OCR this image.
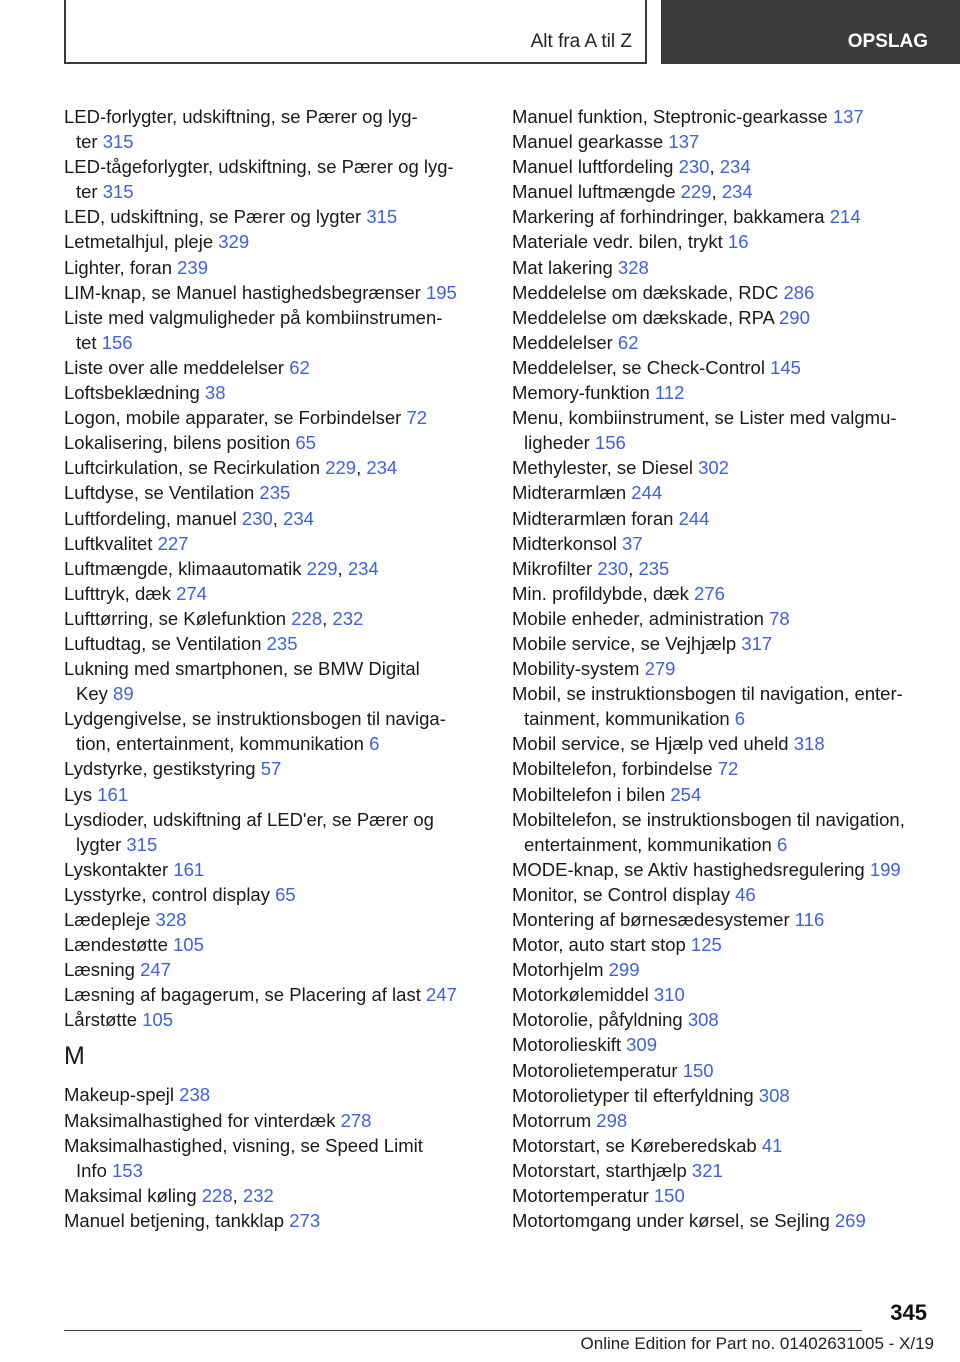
Alt fra A til Z	OPSLAG
LED-forlygter, udskiftning, se Pærer og lyg-
ter 315
LED-tågeforlygter, udskiftning, se Pærer og lyg-
ter 315
LED, udskiftning, se Pærer og lygter 315
Letmetalhjul, pleje 329
Lighter, foran 239
LIM-knap, se Manuel hastighedsbegrænser 195
Liste med valgmuligheder på kombiinstrumen-
tet 156
Liste over alle meddelelser 62
Loftsbeklædning 38
Logon, mobile apparater, se Forbindelser 72
Lokalisering, bilens position 65
Luftcirkulation, se Recirkulation 229, 234
Luftdyse, se Ventilation 235
Luftfordeling, manuel 230, 234
Luftkvalitet 227
Luftmængde, klimaautomatik 229, 234
Lufttryk, dæk 274
Lufttørring, se Kølefunktion 228, 232
Luftudtag, se Ventilation 235
Lukning med smartphonen, se BMW Digital
Key 89
Lydgengivelse, se instruktionsbogen til naviga-
tion, entertainment, kommunikation 6
Lydstyrke, gestikstyring 57
Lys 161
Lysdioder, udskiftning af LED'er, se Pærer og
lygter 315
Lyskontakter 161
Lysstyrke, control display 65
Lædepleje 328
Lændestøtte 105
Læsning 247
Læsning af bagagerum, se Placering af last 247
Lårstøtte 105
M
Makeup-spejl 238
Maksimalhastighed for vinterdæk 278
Maksimalhastighed, visning, se Speed Limit
Info 153
Maksimal køling 228, 232
Manuel betjening, tankklap 273
Manuel funktion, Steptronic-gearkasse 137
Manuel gearkasse 137
Manuel luftfordeling 230, 234
Manuel luftmængde 229, 234
Markering af forhindringer, bakkamera 214
Materiale vedr. bilen, trykt 16
Mat lakering 328
Meddelelse om dækskade, RDC 286
Meddelelse om dækskade, RPA 290
Meddelelser 62
Meddelelser, se Check-Control 145
Memory-funktion 112
Menu, kombiinstrument, se Lister med valgmu-
ligheder 156
Methylester, se Diesel 302
Midterarmlæn 244
Midterarmlæn foran 244
Midterkonsol 37
Mikrofilter 230, 235
Min. profildybde, dæk 276
Mobile enheder, administration 78
Mobile service, se Vejhjælp 317
Mobility-system 279
Mobil, se instruktionsbogen til navigation, enter-
tainment, kommunikation 6
Mobil service, se Hjælp ved uheld 318
Mobiltelefon, forbindelse 72
Mobiltelefon i bilen 254
Mobiltelefon, se instruktionsbogen til navigation,
entertainment, kommunikation 6
MODE-knap, se Aktiv hastighedsregulering 199
Monitor, se Control display 46
Montering af børnesædesystemer 116
Motor, auto start stop 125
Motorhjelm 299
Motorkølemiddel 310
Motorolie, påfyldning 308
Motorolieskift 309
Motorolietemperatur 150
Motorolietyper til efterfyldning 308
Motorrum 298
Motorstart, se Køreberedskab 41
Motorstart, starthjælp 321
Motortemperatur 150
Motortomgang under kørsel, se Sejling 269
345
Online Edition for Part no. 01402631005 - X/19
